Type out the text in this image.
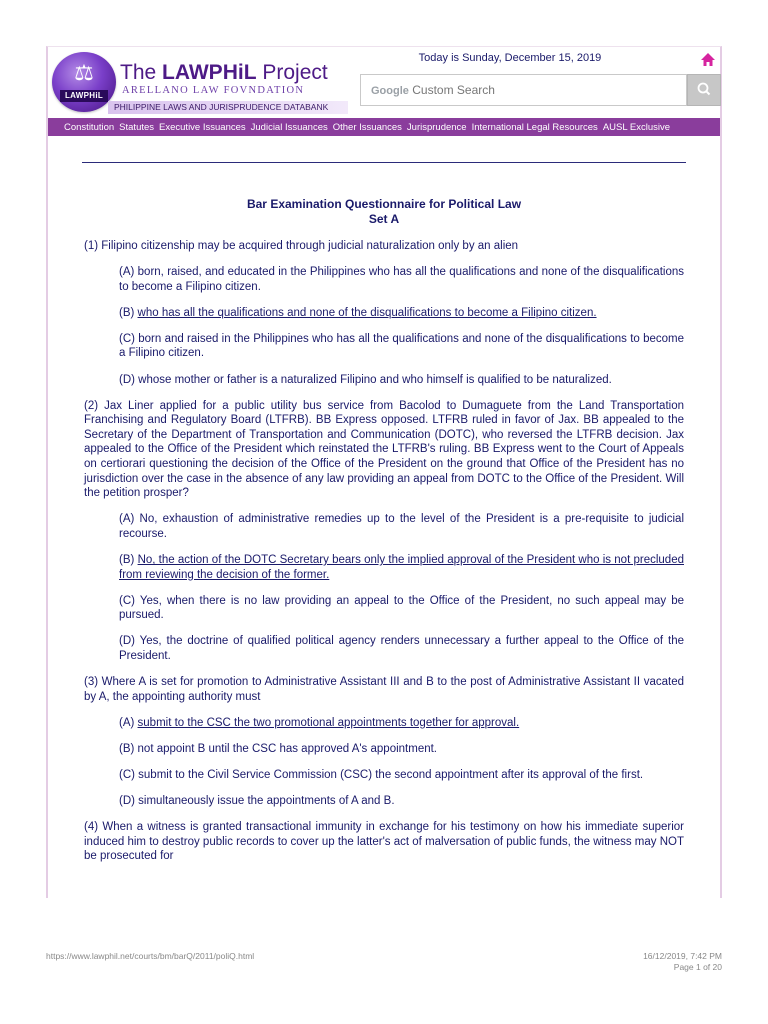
⚖
LAWPHiL
The LAWPHiL Project
ARELLANO LAW FOVNDATION
PHILIPPINE LAWS AND JURISPRUDENCE DATABANK
Today is Sunday, December 15, 2019
Google Custom Search
Constitution Statutes Executive Issuances Judicial Issuances Other Issuances Jurisprudence International Legal Resources AUSL Exclusive
Bar Examination Questionnaire for Political Law
Set A

(1) Filipino citizenship may be acquired through judicial naturalization only by an alien

(A) born, raised, and educated in the Philippines who has all the qualifications and none of the disqualifications to become a Filipino citizen.

(B) who has all the qualifications and none of the disqualifications to become a Filipino citizen.

(C) born and raised in the Philippines who has all the qualifications and none of the disqualifications to become a Filipino citizen.

(D) whose mother or father is a naturalized Filipino and who himself is qualified to be naturalized.

(2) Jax Liner applied for a public utility bus service from Bacolod to Dumaguete from the Land Transportation Franchising and Regulatory Board (LTFRB). BB Express opposed. LTFRB ruled in favor of Jax. BB appealed to the Secretary of the Department of Transportation and Communication (DOTC), who reversed the LTFRB decision. Jax appealed to the Office of the President which reinstated the LTFRB's ruling. BB Express went to the Court of Appeals on certiorari questioning the decision of the Office of the President on the ground that Office of the President has no jurisdiction over the case in the absence of any law providing an appeal from DOTC to the Office of the President. Will the petition prosper?

(A) No, exhaustion of administrative remedies up to the level of the President is a pre-requisite to judicial recourse.

(B) No, the action of the DOTC Secretary bears only the implied approval of the President who is not precluded from reviewing the decision of the former.

(C) Yes, when there is no law providing an appeal to the Office of the President, no such appeal may be pursued.

(D) Yes, the doctrine of qualified political agency renders unnecessary a further appeal to the Office of the President.

(3) Where A is set for promotion to Administrative Assistant III and B to the post of Administrative Assistant II vacated by A, the appointing authority must

(A) submit to the CSC the two promotional appointments together for approval.

(B) not appoint B until the CSC has approved A's appointment.

(C) submit to the Civil Service Commission (CSC) the second appointment after its approval of the first.

(D) simultaneously issue the appointments of A and B.

(4) When a witness is granted transactional immunity in exchange for his testimony on how his immediate superior induced him to destroy public records to cover up the latter's act of malversation of public funds, the witness may NOT be prosecuted for

https://www.lawphil.net/courts/bm/barQ/2011/poliQ.html	16/12/2019, 7:42 PM
Page 1 of 20
